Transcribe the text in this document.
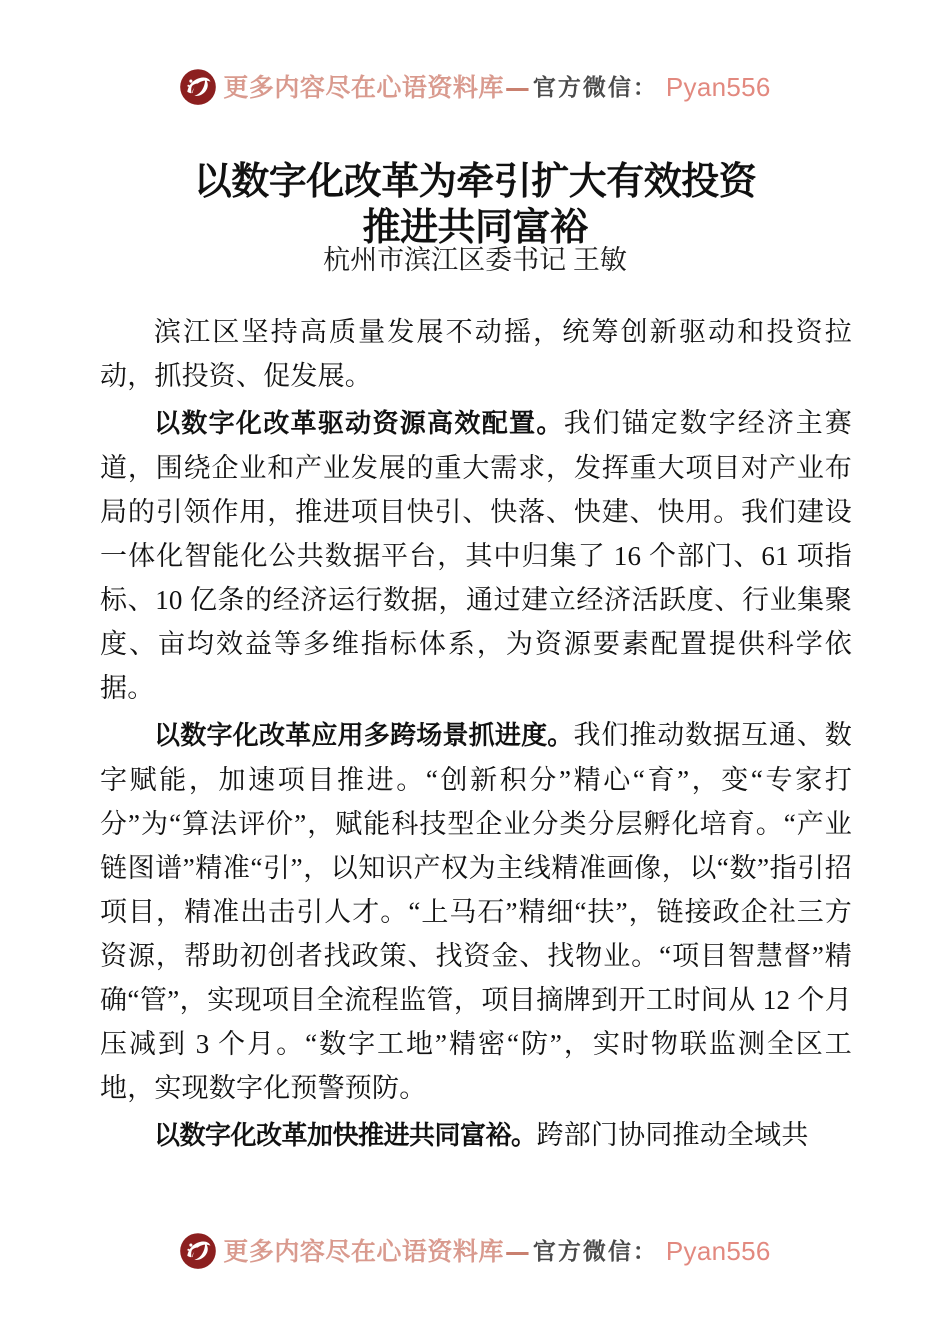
更多内容尽在心语资料库 — 官方微信 ： Pyan556
以数字化改革为牵引扩大有效投资
推进共同富裕
杭州市滨江区委书记 王敏

滨江区坚持高质量发展不动摇，统筹创新驱动和投资拉动，抓投资、促发展。

以数字化改革驱动资源高效配置。我们锚定数字经济主赛道，围绕企业和产业发展的重大需求，发挥重大项目对产业布局的引领作用，推进项目快引、快落、快建、快用。我们建设一体化智能化公共数据平台，其中归集了 16 个部门、61 项指标、10 亿条的经济运行数据，通过建立经济活跃度、行业集聚度、亩均效益等多维指标体系，为资源要素配置提供科学依据。

以数字化改革应用多跨场景抓进度。我们推动数据互通、数字赋能，加速项目推进。“创新积分”精心“育”，变“专家打分”为“算法评价”，赋能科技型企业分类分层孵化培育。“产业链图谱”精准“引”，以知识产权为主线精准画像，以“数”指引招项目，精准出击引人才。“上马石”精细“扶”，链接政企社三方资源，帮助初创者找政策、找资金、找物业。“项目智慧督”精确“管”，实现项目全流程监管，项目摘牌到开工时间从 12 个月压减到 3 个月。“数字工地”精密“防”，实时物联监测全区工地，实现数字化预警预防。

以数字化改革加快推进共同富裕。跨部门协同推动全域共

更多内容尽在心语资料库 — 官方微信 ： Pyan556
